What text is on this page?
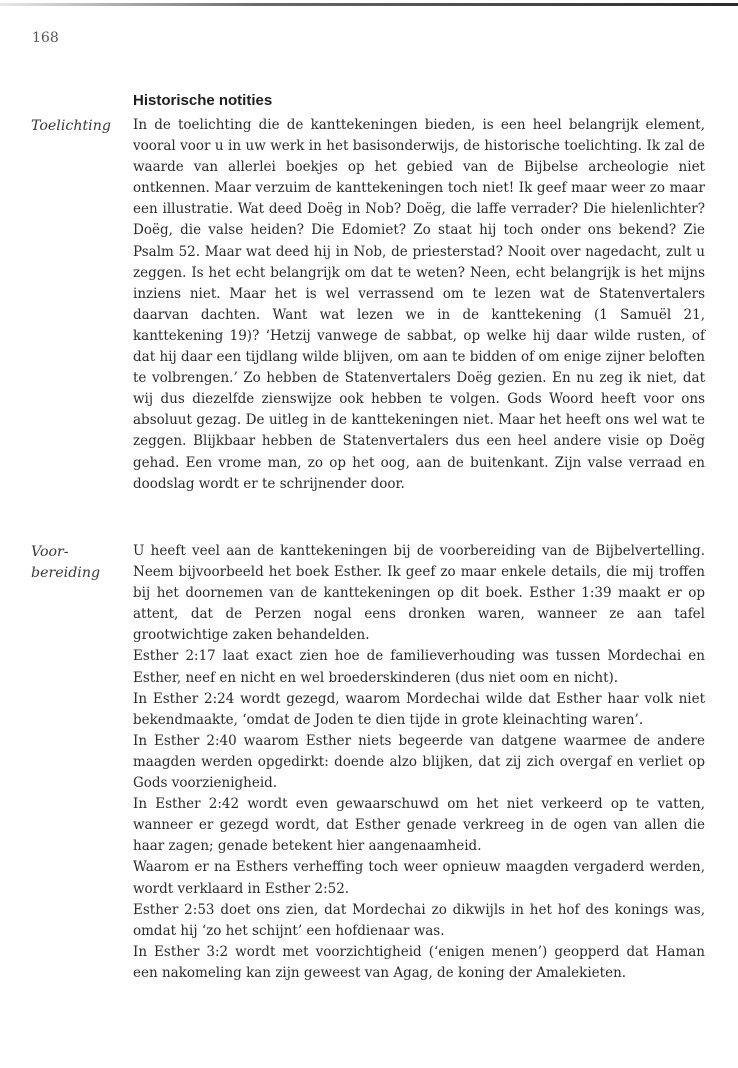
168
Historische notities
Toelichting	In de toelichting die de kanttekeningen bieden, is een heel belangrijk element, vooral voor u in uw werk in het basisonderwijs, de historische toelichting. Ik zal de waarde van allerlei boekjes op het gebied van de Bijbelse archeologie niet ontkennen. Maar verzuim de kanttekeningen toch niet! Ik geef maar weer zo maar een illustratie. Wat deed Doëg in Nob? Doëg, die laffe verrader? Die hielenlichter? Doëg, die valse heiden? Die Edomiet? Zo staat hij toch onder ons bekend? Zie Psalm 52. Maar wat deed hij in Nob, de priesterstad? Nooit over nagedacht, zult u zeggen. Is het echt belangrijk om dat te weten? Neen, echt belangrijk is het mijns inziens niet. Maar het is wel verrassend om te lezen wat de Statenvertalers daarvan dachten. Want wat lezen we in de kanttekening (1 Samuël 21, kanttekening 19)? ‘Hetzij vanwege de sabbat, op welke hij daar wilde rusten, of dat hij daar een tijdlang wilde blijven, om aan te bidden of om enige zijner beloften te volbrengen.’ Zo hebben de Statenvertalers Doëg gezien. En nu zeg ik niet, dat wij dus diezelfde zienswijze ook hebben te volgen. Gods Woord heeft voor ons absoluut gezag. De uitleg in de kanttekeningen niet. Maar het heeft ons wel wat te zeggen. Blijkbaar hebben de Statenvertalers dus een heel andere visie op Doëg gehad. Een vrome man, zo op het oog, aan de buitenkant. Zijn valse verraad en doodslag wordt er te schrijnender door.

Voor-
bereiding

U heeft veel aan de kanttekeningen bij de voorbereiding van de Bijbelvertelling. Neem bijvoorbeeld het boek Esther. Ik geef zo maar enkele details, die mij troffen bij het doornemen van de kanttekeningen op dit boek. Esther 1:39 maakt er op attent, dat de Perzen nogal eens dronken waren, wanneer ze aan tafel grootwichtige zaken behandelden.

Esther 2:17 laat exact zien hoe de familieverhouding was tussen Mordechai en Esther, neef en nicht en wel broederskinderen (dus niet oom en nicht).

In Esther 2:24 wordt gezegd, waarom Mordechai wilde dat Esther haar volk niet bekendmaakte, ‘omdat de Joden te dien tijde in grote kleinachting waren’.

In Esther 2:40 waarom Esther niets begeerde van datgene waarmee de andere maagden werden opgedirkt: doende alzo blijken, dat zij zich overgaf en verliet op Gods voorzienigheid.

In Esther 2:42 wordt even gewaarschuwd om het niet verkeerd op te vatten, wanneer er gezegd wordt, dat Esther genade verkreeg in de ogen van allen die haar zagen; genade betekent hier aangenaamheid.

Waarom er na Esthers verheffing toch weer opnieuw maagden vergaderd werden, wordt verklaard in Esther 2:52.

Esther 2:53 doet ons zien, dat Mordechai zo dikwijls in het hof des konings was, omdat hij ‘zo het schijnt’ een hofdienaar was.

In Esther 3:2 wordt met voorzichtigheid (‘enigen menen’) geopperd dat Haman een nakomeling kan zijn geweest van Agag, de koning der Amalekieten.
